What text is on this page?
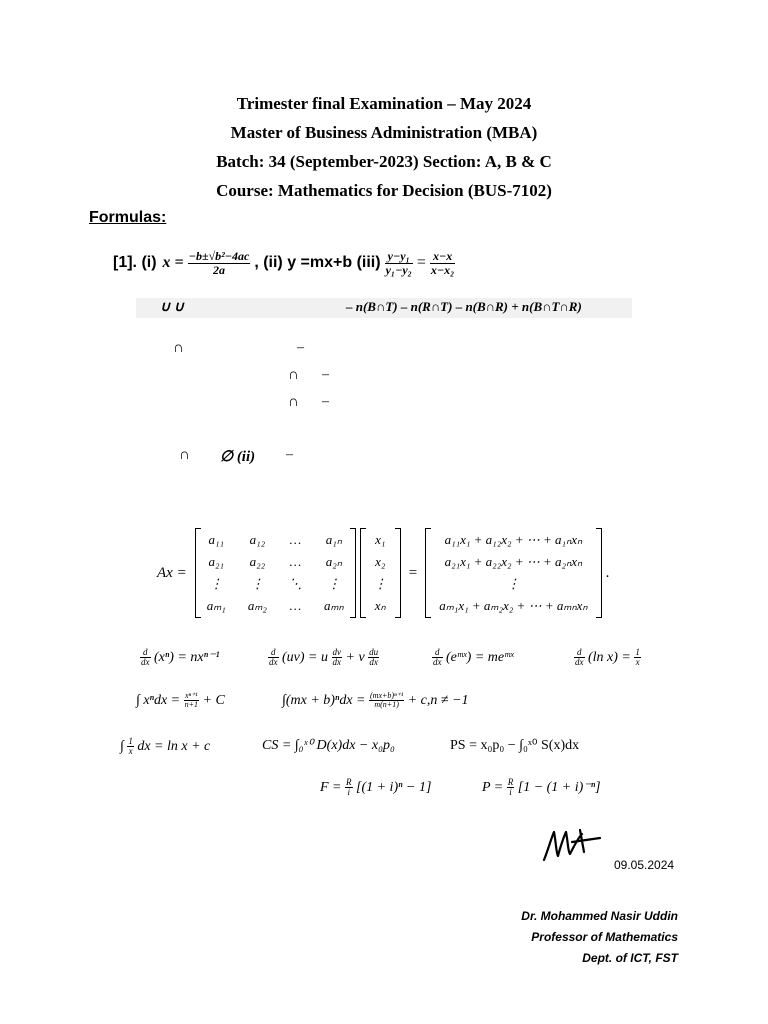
Trimester final Examination – May 2024
Master of Business Administration (MBA)
Batch: 34 (September-2023) Section: A, B & C
Course: Mathematics for Decision (BUS-7102)
Formulas:
[1]. (i) $x = \frac{\text{−b±√b²−4ac}}{2a}$ , (ii) y =mx+b $(iii) \frac{\text{y−y₁}}{\text{y₁−y₂}} = \frac{x-x}{\text{x−x₂}}$
∪ ∪	– n(B∩T) – n(R∩T) – n(B∩R) + n(B∩T∩R)
∩	–
∩ –
∩ –
∩ ∅ (ii) –
Ax =
a₁₁ a₁₂ … a₁ₙ
a₂₁ a₂₂ … a₂ₙ
⋮ ⋮ ⋱ ⋮
aₘ₁ aₘ₂ … aₘₙ
x₁
x₂
⋮
xₙ
=
a₁₁x₁ + a₁₂x₂ + ⋯ + a₁ₙxₙ
a₂₁x₁ + a₂₂x₂ + ⋯ + a₂ₙxₙ
⋮
aₘ₁x₁ + aₘ₂x₂ + ⋯ + aₘₙxₙ
.
$\frac{d}{dx} (x^n) = nx^{n-1}$	$\frac{d}{dx} (uv) = u \frac{dv}{dx} + v \frac{du}{dx}$	$\frac{d}{dx}$ (eᵐˣ) = meᵐˣ	$\frac{d}{dx} (\ln$ $x) = \frac{1}{x}$
∫ $x^ndx = \frac{\text{xⁿ⁺¹}}{n+1} + C$	$\int(mx + b)^ndx = \frac{\text{(mx+b)ⁿ⁺¹}}{m(n+1)} + c,n \ne -1$
∫ $\frac{1}{x}$ dx = ln x + c	CS = ∫₀ˣ⁰ D(x)dx − x₀p₀	PS = x₀p₀ − ∫₀ˣ⁰ S(x)dx
$F = \frac{R}{i} [(1 + i)^n - 1]$	$P = \frac{R}{i} [1 - (1 + i)^{-n}]$
09.05.2024
Dr. Mohammed Nasir Uddin
Professor of Mathematics
Dept. of ICT, FST
